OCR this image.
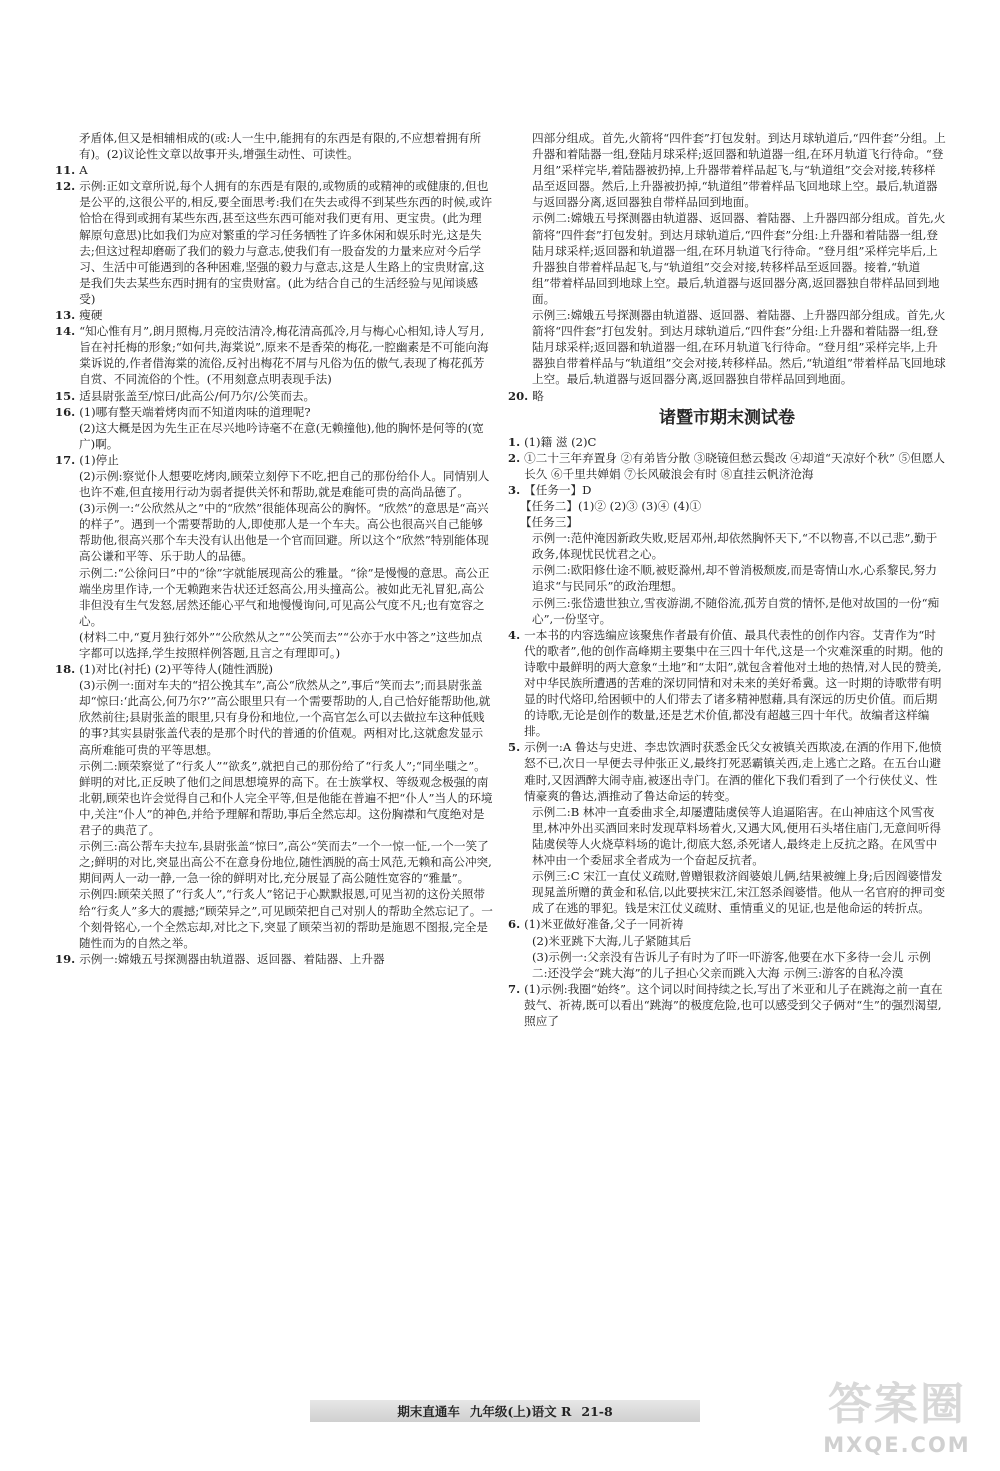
矛盾体,但又是相辅相成的(或:人一生中,能拥有的东西是有限的,不应想着拥有所有)。(2)议论性文章以故事开头,增强生动性、可读性。
11. A
12. 示例:正如文章所说,每个人拥有的东西是有限的,或物质的或精神的或健康的,但也是公平的,这很公平的,相反,要全面思考:我们在失去或得不到某些东西的时候,或许恰恰在得到或拥有某些东西,甚至这些东西可能对我们更有用、更宝贵。(此为理解原句意思)比如我们为应对繁重的学习任务牺牲了许多休闲和娱乐时光,这是失去;但这过程却磨砺了我们的毅力与意志,使我们有一股奋发的力量来应对今后学习、生活中可能遇到的各种困难,坚强的毅力与意志,这是人生路上的宝贵财富,这是我们失去某些东西时拥有的宝贵财富。(此为结合自己的生活经验与见闻谈感受)
13. 瘦硬
14. “知心惟有月”,朗月照梅,月亮皎洁清冷,梅花清高孤冷,月与梅心心相知,诗人写月,旨在衬托梅的形象;“如何共,海棠说”,原来不是香荣的梅花,一腔幽素是不可能向海棠诉说的,作者借海棠的流俗,反衬出梅花不屑与凡俗为伍的傲气,表现了梅花孤芳自赏、不同流俗的个性。(不用刻意点明表现手法)
15. 适县尉张盖至/惊曰/此高公/何乃尔/公笑而去。
16. (1)哪有整天端着烤肉而不知道肉味的道理呢?
(2)这大概是因为先生正在尽兴地吟诗毫不在意(无赖撞他),他的胸怀是何等的(宽广)啊。
17. (1)停止
(2)示例:察觉仆人想要吃烤肉,顾荣立刻停下不吃,把自己的那份给仆人。同情别人也许不难,但直接用行动为弱者提供关怀和帮助,就是难能可贵的高尚品德了。
(3)示例一:“公欣然从之”中的“欣然”很能体现高公的胸怀。“欣然”的意思是“高兴的样子”。遇到一个需要帮助的人,即使那人是一个车夫。高公也很高兴自己能够帮助他,很高兴那个车夫没有认出他是一个官而回避。所以这个“欣然”特别能体现高公谦和平等、乐于助人的品德。
示例二:“公徐问曰”中的“徐”字就能展现高公的雅量。“徐”是慢慢的意思。高公正端坐房里作诗,一个无赖跑来告状还迁怒高公,用头撞高公。被如此无礼冒犯,高公非但没有生气发怒,居然还能心平气和地慢慢询问,可见高公气度不凡;也有宽容之心。
(材料二中,“夏月独行郊外”“公欣然从之”“公笑而去”“公亦于水中答之”这些加点字都可以选择,学生按照样例答题,且言之有理即可。)
18. (1)对比(衬托) (2)平等待人(随性洒脱)
(3)示例一:面对车夫的“招公挽其车”,高公“欣然从之”,事后“笑而去”;而县尉张盖却“惊曰:‘此高公,何乃尔?’”高公眼里只有一个需要帮助的人,自己恰好能帮助他,就欣然前往;县尉张盖的眼里,只有身份和地位,一个高官怎么可以去做拉车这种低贱的事?其实县尉张盖代表的是那个时代的普通的价值观。两相对比,这就愈发显示高所难能可贵的平等思想。
示例二:顾荣察觉了“行炙人”“欲炙”,就把自己的那份给了“行炙人”;“同坐嗤之”。鲜明的对比,正反映了他们之间思想境界的高下。在士族掌权、等级观念极强的南北朝,顾荣也许会觉得自己和仆人完全平等,但是他能在普遍不把“仆人”当人的环境中,关注“仆人”的神色,并给予理解和帮助,事后全然忘却。这份胸襟和气度绝对是君子的典范了。
示例三:高公帮车夫拉车,县尉张盖“惊曰”,高公“笑而去”一个一惊一怔,一个一笑了之;鲜明的对比,突显出高公不在意身份地位,随性洒脱的高士风范,无赖和高公冲突,期间两人一动一静,一急一徐的鲜明对比,充分展显了高公随性宽容的“雅量”。
示例四:顾荣关照了“行炙人”,“行炙人”铭记于心默默报恩,可见当初的这份关照带给“行炙人”多大的震撼;“顾荣异之”,可见顾荣把自己对别人的帮助全然忘记了。一个刻骨铭心,一个全然忘却,对比之下,突显了顾荣当初的帮助是施恩不图报,完全是随性而为的自然之举。
19. 示例一:嫦娥五号探测器由轨道器、返回器、着陆器、上升器
四部分组成。首先,火箭将“四件套”打包发射。到达月球轨道后,“四件套”分组。上升器和着陆器一组,登陆月球采样;返回器和轨道器一组,在环月轨道飞行待命。“登月组”采样完毕,着陆器被扔掉,上升器带着样品起飞,与“轨道组”交会对接,转移样品至返回器。然后,上升器被扔掉,“轨道组”带着样品飞回地球上空。最后,轨道器与返回器分离,返回器独自带样品回到地面。
示例二:嫦娥五号探测器由轨道器、返回器、着陆器、上升器四部分组成。首先,火箭将“四件套”打包发射。到达月球轨道后,“四件套”分组:上升器和着陆器一组,登陆月球采样;返回器和轨道器一组,在环月轨道飞行待命。“登月组”采样完毕后,上升器独自带着样品起飞,与“轨道组”交会对接,转移样品至返回器。接着,“轨道组”带着样品回到地球上空。最后,轨道器与返回器分离,返回器独自带样品回到地面。
示例三:嫦娥五号探测器由轨道器、返回器、着陆器、上升器四部分组成。首先,火箭将“四件套”打包发射。到达月球轨道后,“四件套”分组:上升器和着陆器一组,登陆月球采样;返回器和轨道器一组,在环月轨道飞行待命。“登月组”采样完毕,上升器独自带着样品与“轨道组”交会对接,转移样品。然后,“轨道组”带着样品飞回地球上空。最后,轨道器与返回器分离,返回器独自带样品回到地面。
20. 略
诸暨市期末测试卷
1. (1)籍 滋 (2)C
2. ①二十三年弃置身 ②有弟皆分散 ③晓镜但愁云鬓改 ④却道“天凉好个秋” ⑤但愿人长久 ⑥千里共婵娟 ⑦长风破浪会有时 ⑧直挂云帆济沧海
3. 【任务一】D
【任务二】(1)② (2)③ (3)④ (4)①
【任务三】
示例一:范仲淹因新政失败,贬居邓州,却依然胸怀天下,“不以物喜,不以己悲”,勤于政务,体现忧民忧君之心。
示例二:欧阳修仕途不顺,被贬滁州,却不曾消极颓废,而是寄情山水,心系黎民,努力追求“与民同乐”的政治理想。
示例三:张岱遗世独立,雪夜游湖,不随俗流,孤芳自赏的情怀,是他对故国的一份“痴心”,一份坚守。
4. 一本书的内容选编应该聚焦作者最有价值、最具代表性的创作内容。艾青作为“时代的歌者”,他的创作高峰期主要集中在三四十年代,这是一个灾难深重的时期。他的诗歌中最鲜明的两大意象“土地”和“太阳”,就包含着他对土地的热情,对人民的赞美,对中华民族所遭遇的苦难的深切同情和对未来的美好希冀。这一时期的诗歌带有明显的时代烙印,给困顿中的人们带去了诸多精神慰藉,具有深远的历史价值。而后期的诗歌,无论是创作的数量,还是艺术价值,都没有超越三四十年代。故编者这样编排。
5. 示例一:A 鲁达与史进、李忠饮酒时获悉金氏父女被镇关西欺凌,在酒的作用下,他愤怒不已,次日一早便去寻仲张正义,最终打死恶霸镇关西,走上逃亡之路。在五台山避难时,又因酒醉大闹寺庙,被逐出寺门。在酒的催化下我们看到了一个行侠仗义、性情豪爽的鲁达,酒推动了鲁达命运的转变。
示例二:B 林冲一直委曲求全,却屡遭陆虞侯等人追逼陷害。在山神庙这个风雪夜里,林冲外出买酒回来时发现草料场着火,又遇大风,便用石头堵住庙门,无意间听得陆虞侯等人火烧草料场的诡计,彻底大怒,杀死诸人,最终走上反抗之路。在风雪中林冲由一个委屈求全者成为一个奋起反抗者。
示例三:C 宋江一直仗义疏财,曾赠银救济阎婆娘儿俩,结果被缠上身;后因阎婆惜发现晁盖所赠的黄金和私信,以此要挟宋江,宋江怒杀阎婆惜。他从一名官府的押司变成了在逃的罪犯。钱是宋江仗义疏财、重情重义的见证,也是他命运的转折点。
6. (1)米亚做好准备,父子一同祈祷
(2)米亚跳下大海,儿子紧随其后
(3)示例一:父亲没有告诉儿子有时为了吓一吓游客,他要在水下多待一会儿 示例二:还没学会“跳大海”的儿子担心父亲而跳入大海 示例三:游客的自私冷漠
7. (1)示例:我圈“始终”。这个词以时间持续之长,写出了米亚和儿子在跳海之前一直在鼓气、祈祷,既可以看出“跳海”的极度危险,也可以感受到父子俩对“生”的强烈渴望,照应了
期末直通车 九年级(上)语文 R 21-8	答案圈
MXQE.COM
